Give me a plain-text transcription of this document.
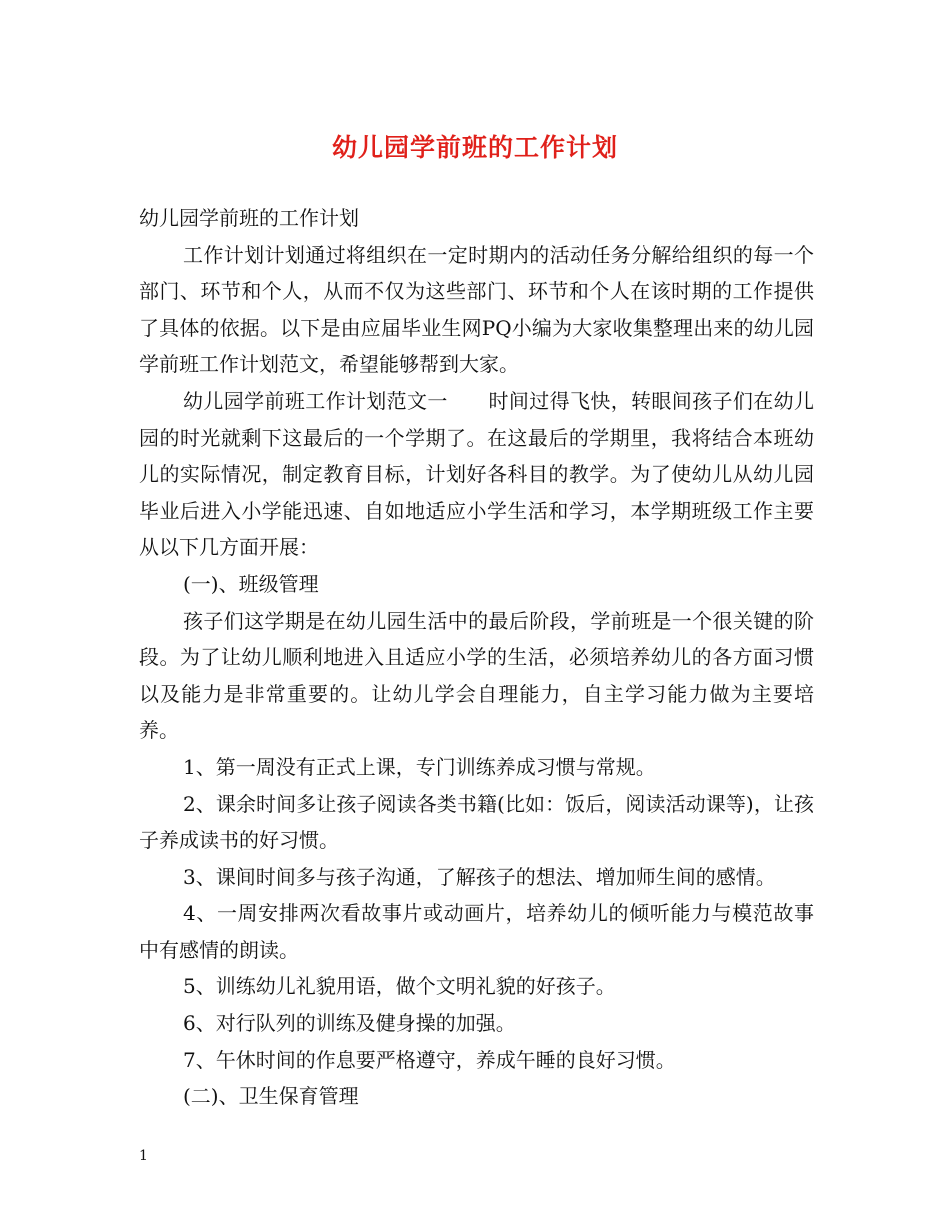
幼儿园学前班的工作计划

幼儿园学前班的工作计划

工作计划计划通过将组织在一定时期内的活动任务分解给组织的每一个部门、环节和个人，从而不仅为这些部门、环节和个人在该时期的工作提供了具体的依据。以下是由应届毕业生网PQ小编为大家收集整理出来的幼儿园学前班工作计划范文，希望能够帮到大家。

幼儿园学前班工作计划范文一　　时间过得飞快，转眼间孩子们在幼儿园的时光就剩下这最后的一个学期了。在这最后的学期里，我将结合本班幼儿的实际情况，制定教育目标，计划好各科目的教学。为了使幼儿从幼儿园毕业后进入小学能迅速、自如地适应小学生活和学习，本学期班级工作主要从以下几方面开展：

(一)、班级管理

孩子们这学期是在幼儿园生活中的最后阶段，学前班是一个很关键的阶段。为了让幼儿顺利地进入且适应小学的生活，必须培养幼儿的各方面习惯以及能力是非常重要的。让幼儿学会自理能力，自主学习能力做为主要培养。

1、第一周没有正式上课，专门训练养成习惯与常规。

2、课余时间多让孩子阅读各类书籍(比如：饭后，阅读活动课等)，让孩子养成读书的好习惯。

3、课间时间多与孩子沟通，了解孩子的想法、增加师生间的感情。

4、一周安排两次看故事片或动画片，培养幼儿的倾听能力与模范故事中有感情的朗读。

5、训练幼儿礼貌用语，做个文明礼貌的好孩子。

6、对行队列的训练及健身操的加强。

7、午休时间的作息要严格遵守，养成午睡的良好习惯。

(二)、卫生保育管理

1
